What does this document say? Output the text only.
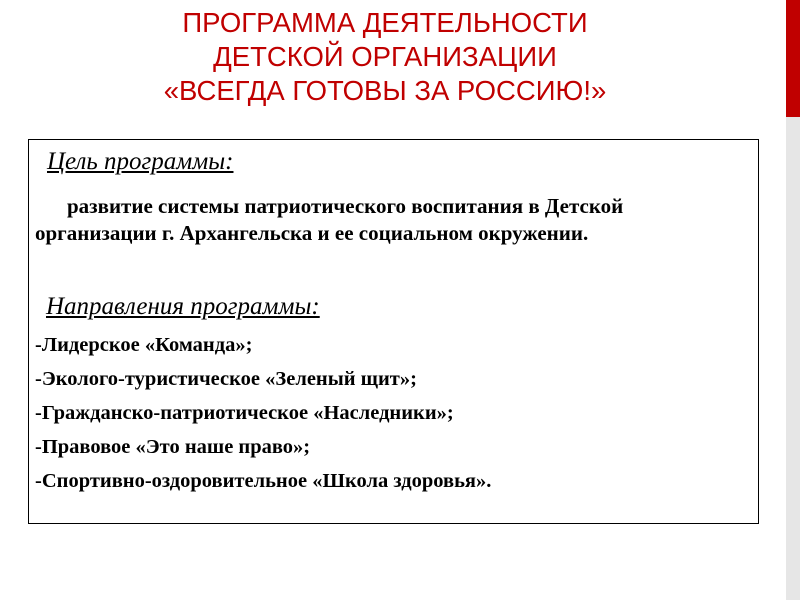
ПРОГРАММА ДЕЯТЕЛЬНОСТИ
ДЕТСКОЙ ОРГАНИЗАЦИИ
«ВСЕГДА ГОТОВЫ ЗА РОССИЮ!»
Цель программы:
развитие системы патриотического воспитания в Детской организации г. Архангельска и ее социальном окружении.
Направления программы:
-Лидерское «Команда»;
-Эколого-туристическое «Зеленый щит»;
-Гражданско-патриотическое «Наследники»;
-Правовое «Это наше право»;
-Спортивно-оздоровительное «Школа здоровья».
